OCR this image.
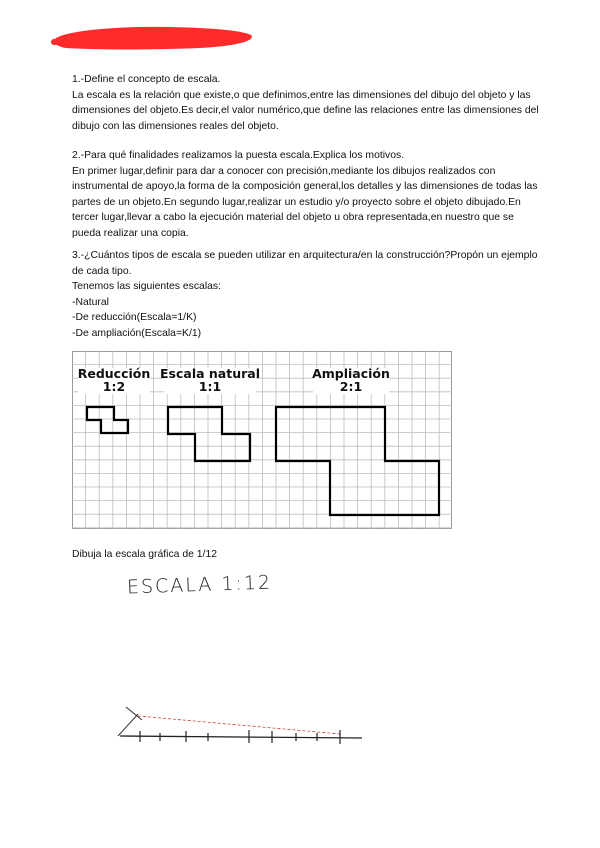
1.-Define el concepto de escala.

La escala es la relación que existe,o que definimos,entre las dimensiones del dibujo del objeto y las dimensiones del objeto.Es decir,el valor numérico,que define las relaciones entre las dimensiones del dibujo con las dimensiones reales del objeto.

2.-Para qué finalidades realizamos la puesta escala.Explica los motivos.

En primer lugar,definir para dar a conocer con precisión,mediante los dibujos realizados con instrumental de apoyo,la forma de la composición general,los detalles y las dimensiones de todas las partes de un objeto.En segundo lugar,realizar un estudio y/o proyecto sobre el objeto dibujado.En tercer lugar,llevar a cabo la ejecución material del objeto u obra representada,en nuestro que se pueda realizar una copia.

3.-¿Cuántos tipos de escala se pueden utilizar en arquitectura/en la construcción?Propón un ejemplo de cada tipo.

Tenemos las siguientes escalas:

-Natural

-De reducción(Escala=1/K)

-De ampliación(Escala=K/1)

Reducción
1:2
Escala natural
1:1
Ampliación
2:1
Dibuja la escala gráfica de 1/12
ESCALA 1:12
